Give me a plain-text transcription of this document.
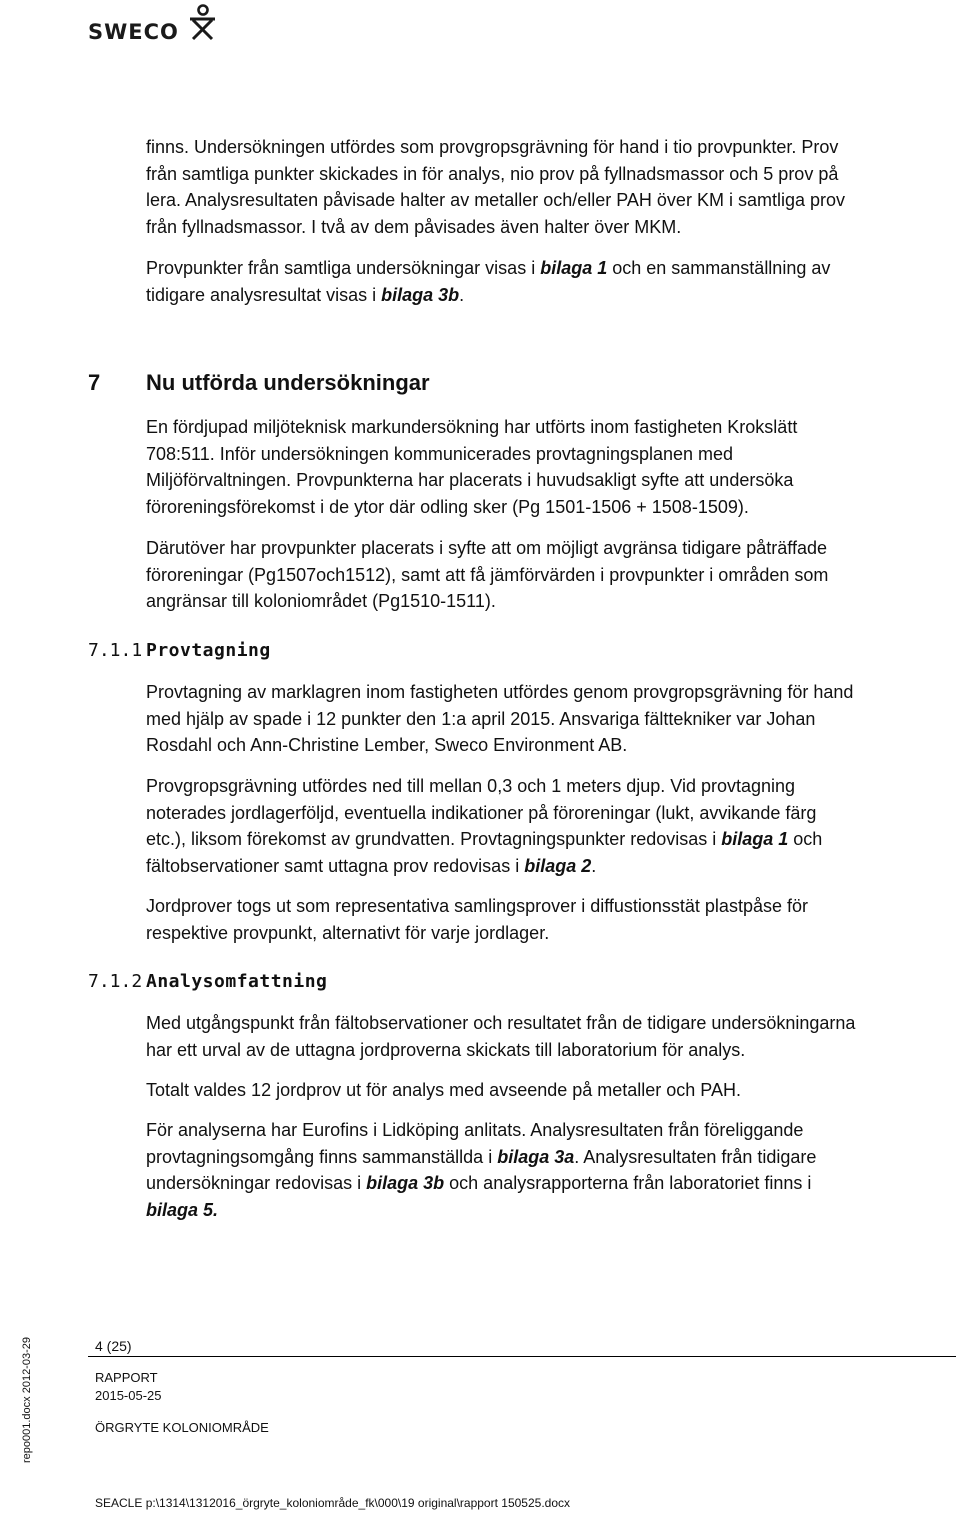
SWECO
finns. Undersökningen utfördes som provgropsgrävning för hand i tio provpunkter. Prov
från samtliga punkter skickades in för analys, nio prov på fyllnadsmassor och 5 prov på
lera. Analysresultaten påvisade halter av metaller och/eller PAH över KM i samtliga prov
från fyllnadsmassor. I två av dem påvisades även halter över MKM.
Provpunkter från samtliga undersökningar visas i bilaga 1 och en sammanställning av
tidigare analysresultat visas i bilaga 3b.
7 Nu utförda undersökningar
En fördjupad miljöteknisk markundersökning har utförts inom fastigheten Krokslätt
708:511. Inför undersökningen kommunicerades provtagningsplanen med
Miljöförvaltningen. Provpunkterna har placerats i huvudsakligt syfte att undersöka
föroreningsförekomst i de ytor där odling sker (Pg 1501-1506 + 1508-1509).
Därutöver har provpunkter placerats i syfte att om möjligt avgränsa tidigare påträffade
föroreningar (Pg1507och1512), samt att få jämförvärden i provpunkter i områden som
angränsar till koloniområdet (Pg1510-1511).
7.1.1 Provtagning
Provtagning av marklagren inom fastigheten utfördes genom provgropsgrävning för hand
med hjälp av spade i 12 punkter den 1:a april 2015. Ansvariga fälttekniker var Johan
Rosdahl och Ann-Christine Lember, Sweco Environment AB.
Provgropsgrävning utfördes ned till mellan 0,3 och 1 meters djup. Vid provtagning
noterades jordlagerföljd, eventuella indikationer på föroreningar (lukt, avvikande färg
etc.), liksom förekomst av grundvatten. Provtagningspunkter redovisas i bilaga 1 och
fältobservationer samt uttagna prov redovisas i bilaga 2.
Jordprover togs ut som representativa samlingsprover i diffustionsstät plastpåse för
respektive provpunkt, alternativt för varje jordlager.
7.1.2 Analysomfattning
Med utgångspunkt från fältobservationer och resultatet från de tidigare undersökningarna
har ett urval av de uttagna jordproverna skickats till laboratorium för analys.
Totalt valdes 12 jordprov ut för analys med avseende på metaller och PAH.
För analyserna har Eurofins i Lidköping anlitats. Analysresultaten från föreliggande
provtagningsomgång finns sammanställda i bilaga 3a. Analysresultaten från tidigare
undersökningar redovisas i bilaga 3b och analysrapporterna från laboratoriet finns i
bilaga 5.
4 (25)
RAPPORT
2015-05-25
ÖRGRYTE KOLONIOMRÅDE
SEACLE p:\1314\1312016_örgryte_koloniområde_fk\000\19 original\rapport 150525.docx
repo001.docx 2012-03-29
